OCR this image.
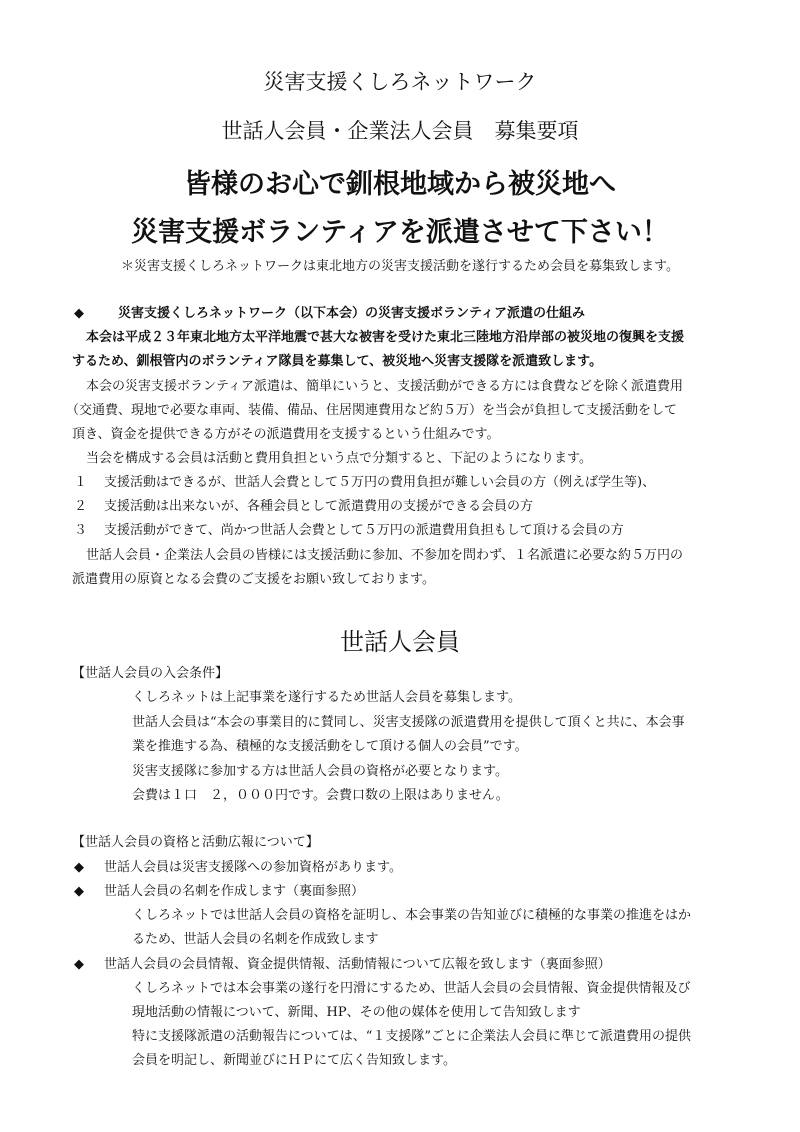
災害支援くしろネットワーク
世話人会員・企業法人会員　募集要項
皆様のお心で釧根地域から被災地へ
災害支援ボランティアを派遣させて下さい！
＊災害支援くしろネットワークは東北地方の災害支援活動を遂行するため会員を募集致します。
◆	災害支援くしろネットワーク（以下本会）の災害支援ボランティア派遣の仕組み
本会は平成２３年東北地方太平洋地震で甚大な被害を受けた東北三陸地方沿岸部の被災地の復興を支援
するため、釧根管内のボランティア隊員を募集して、被災地へ災害支援隊を派遣致します。
本会の災害支援ボランティア派遣は、簡単にいうと、支援活動ができる方には食費などを除く派遣費用
（交通費、現地で必要な車両、装備、備品、住居関連費用など約５万）を当会が負担して支援活動をして
頂き、資金を提供できる方がその派遣費用を支援するという仕組みです。
当会を構成する会員は活動と費用負担という点で分類すると、下記のようになります。
１ 支援活動はできるが、世話人会費として５万円の費用負担が難しい会員の方（例えば学生等)、
２ 支援活動は出来ないが、各種会員として派遣費用の支援ができる会員の方
３ 支援活動ができて、尚かつ世話人会費として５万円の派遣費用負担もして頂ける会員の方
世話人会員・企業法人会員の皆様には支援活動に参加、不参加を問わず、１名派遣に必要な約５万円の
派遣費用の原資となる会費のご支援をお願い致しております。
世話人会員
【世話人会員の入会条件】
くしろネットは上記事業を遂行するため世話人会員を募集します。
世話人会員は“本会の事業目的に賛同し、災害支援隊の派遣費用を提供して頂くと共に、本会事
業を推進する為、積極的な支援活動をして頂ける個人の会員”です。
災害支援隊に参加する方は世話人会員の資格が必要となります。
会費は１口　２，０００円です。会費口数の上限はありません。
【世話人会員の資格と活動広報について】
◆ 世話人会員は災害支援隊への参加資格があります。
◆ 世話人会員の名刺を作成します（裏面参照）
くしろネットでは世話人会員の資格を証明し、本会事業の告知並びに積極的な事業の推進をはか
るため、世話人会員の名刺を作成致します
◆ 世話人会員の会員情報、資金提供情報、活動情報について広報を致します（裏面参照）
くしろネットでは本会事業の遂行を円滑にするため、世話人会員の会員情報、資金提供情報及び
現地活動の情報について、新聞、HP、その他の媒体を使用して告知致します
特に支援隊派遣の活動報告については、“１支援隊”ごとに企業法人会員に準じて派遣費用の提供
会員を明記し、新聞並びにＨＰにて広く告知致します。
